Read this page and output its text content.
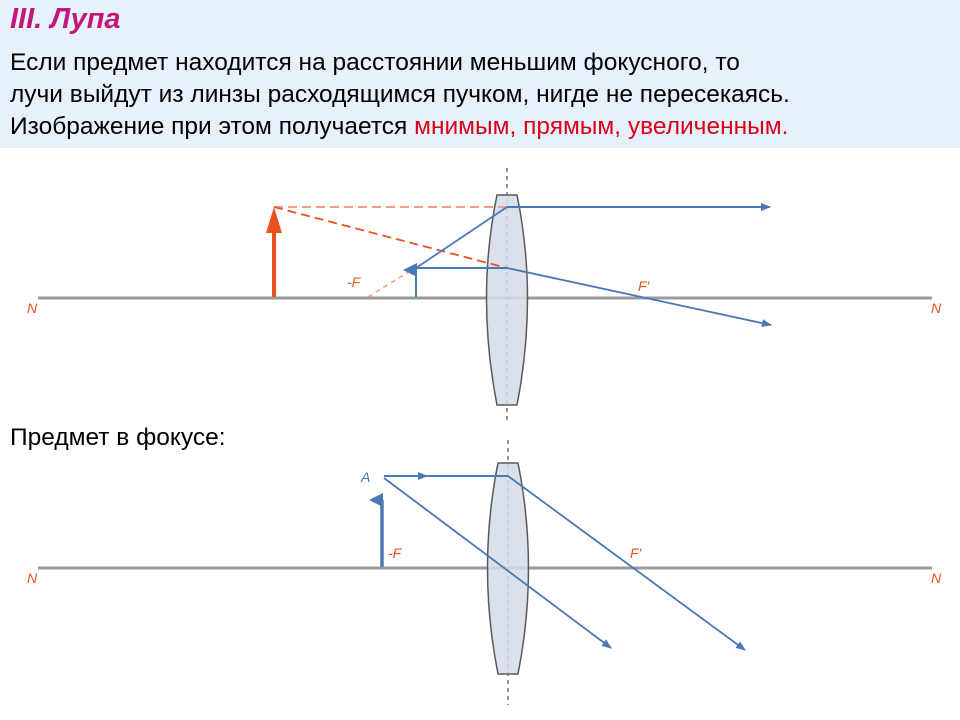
III. Лупа

Если предмет находится на расстоянии меньшим фокусного, то

лучи выйдут из линзы расходящимся пучком, нигде не пересекаясь.

Изображение при этом получается мнимым, прямым, увеличенным.

Предмет в фокусе:
N	N
-F	F'
N	N
A
-F	F'
